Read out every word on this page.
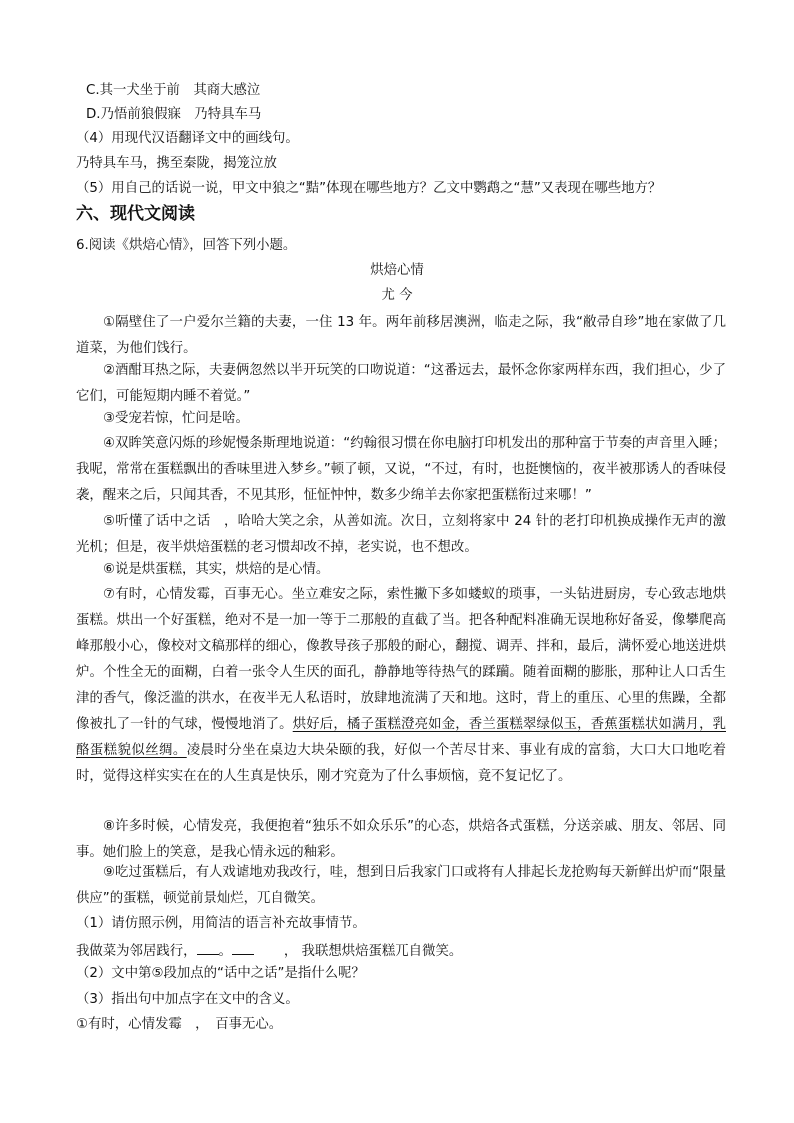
C.其一犬坐于前　其商大感泣
D.乃悟前狼假寐　乃特具车马
（4）用现代汉语翻译文中的画线句。
乃特具车马，携至秦陇，揭笼泣放
（5）用自己的话说一说，甲文中狼之“黠”体现在哪些地方？乙文中鹦鹉之“慧”又表现在哪些地方？
六、现代文阅读
6.阅读《烘焙心情》，回答下列小题。
烘焙心情
尤 今
①隔壁住了一户爱尔兰籍的夫妻，一住 13 年。两年前移居澳洲，临走之际，我“敝帚自珍”地在家做了几道菜，为他们饯行。
②酒酣耳热之际，夫妻俩忽然以半开玩笑的口吻说道：“这番远去，最怀念你家两样东西，我们担心，少了它们，可能短期内睡不着觉。”
③受宠若惊，忙问是啥。
④双眸笑意闪烁的珍妮慢条斯理地说道：“约翰很习惯在你电脑打印机发出的那种富于节奏的声音里入睡；我呢，常常在蛋糕飘出的香味里进入梦乡。”顿了顿，又说，“不过，有时，也挺懊恼的，夜半被那诱人的香味侵袭，醒来之后，只闻其香，不见其形，怔怔忡忡，数多少绵羊去你家把蛋糕衔过来哪！”
⑤听懂了话中之话　，哈哈大笑之余，从善如流。次日，立刻将家中 24 针的老打印机换成操作无声的激光机；但是，夜半烘焙蛋糕的老习惯却改不掉，老实说，也不想改。
⑥说是烘蛋糕，其实，烘焙的是心情。
⑦有时，心情发霉，百事无心。坐立难安之际，索性撇下多如蝼蚁的琐事，一头钻进厨房，专心致志地烘蛋糕。烘出一个好蛋糕，绝对不是一加一等于二那般的直截了当。把各种配料准确无误地称好备妥，像攀爬高峰那般小心，像校对文稿那样的细心，像教导孩子那般的耐心，翻搅、调弄、拌和，最后，满怀爱心地送进烘炉。个性全无的面糊，白着一张令人生厌的面孔，静静地等待热气的蹂躏。随着面糊的膨胀，那种让人口舌生津的香气，像泛滥的洪水，在夜半无人私语时，放肆地流满了天和地。这时，背上的重压、心里的焦躁，全都像被扎了一针的气球，慢慢地消了。烘好后，橘子蛋糕澄亮如金，香兰蛋糕翠绿似玉，香蕉蛋糕状如满月，乳酪蛋糕貌似丝绸。凌晨时分坐在桌边大块朵颐的我，好似一个苦尽甘来、事业有成的富翁，大口大口地吃着时，觉得这样实实在在的人生真是快乐，刚才究竟为了什么事烦恼，竟不复记忆了。
⑧许多时候，心情发亮，我便抱着“独乐不如众乐乐”的心态，烘焙各式蛋糕，分送亲戚、朋友、邻居、同事。她们脸上的笑意，是我心情永远的釉彩。
⑨吃过蛋糕后，有人戏谑地劝我改行，哇，想到日后我家门口或将有人排起长龙抢购每天新鲜出炉而“限量供应”的蛋糕，顿觉前景灿烂，兀自微笑。
（1）请仿照示例，用简洁的语言补充故事情节。
我做菜为邻居践行， 。	， 我联想烘焙蛋糕兀自微笑。
（2）文中第⑤段加点的“话中之话”是指什么呢？
（3）指出句中加点字在文中的含义。
①有时，心情发霉　，　百事无心。
